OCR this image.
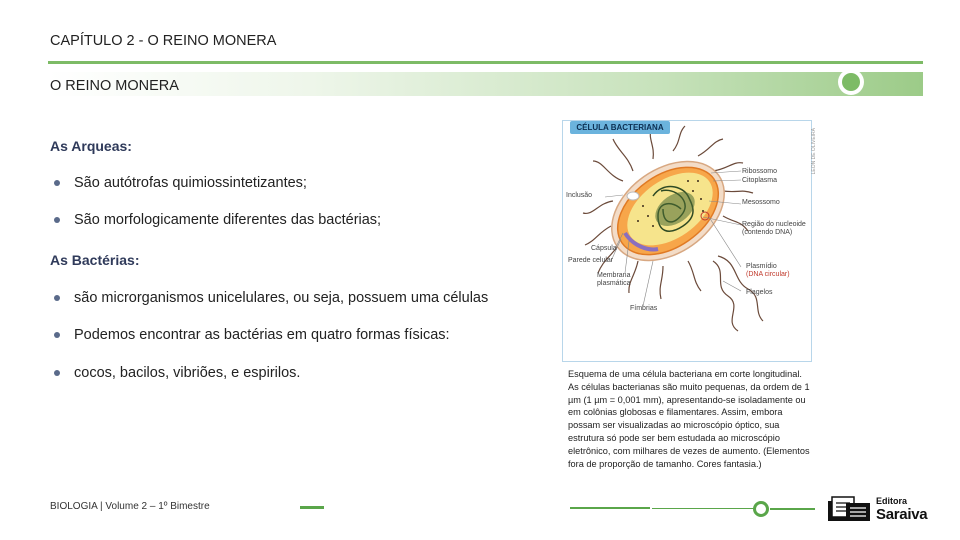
CAPÍTULO 2 - O REINO MONERA
O REINO MONERA
As Arqueas:
São autótrofas quimiossintetizantes;
São morfologicamente diferentes das bactérias;
As Bactérias:
são microrganismos unicelulares, ou seja, possuem uma células
Podemos encontrar as bactérias em quatro formas físicas:
cocos, bacilos, vibriões, e espirilos.
CÉLULA BACTERIANA
LEON DE OLIVEIRA
Ribossomo
Citoplasma
Inclusão
Mesossomo
Região do nucleoide
(contendo DNA)
Cápsula
Parede celular
Plasmídio
(DNA circular)
Membrana
plasmática
Flagelos
Fímbrias
Esquema de uma célula bacteriana em corte longitudinal. As células bacterianas são muito pequenas, da ordem de 1 µm (1 µm = 0,001 mm), apresentando-se isoladamente ou em colônias globosas e filamentares. Assim, embora possam ser visualizadas ao microscópio óptico, sua estrutura só pode ser bem estudada ao microscópio eletrônico, com milhares de vezes de aumento. (Elementos fora de proporção de tamanho. Cores fantasia.)
BIOLOGIA | Volume 2 – 1º Bimestre	Editora
Saraiva
